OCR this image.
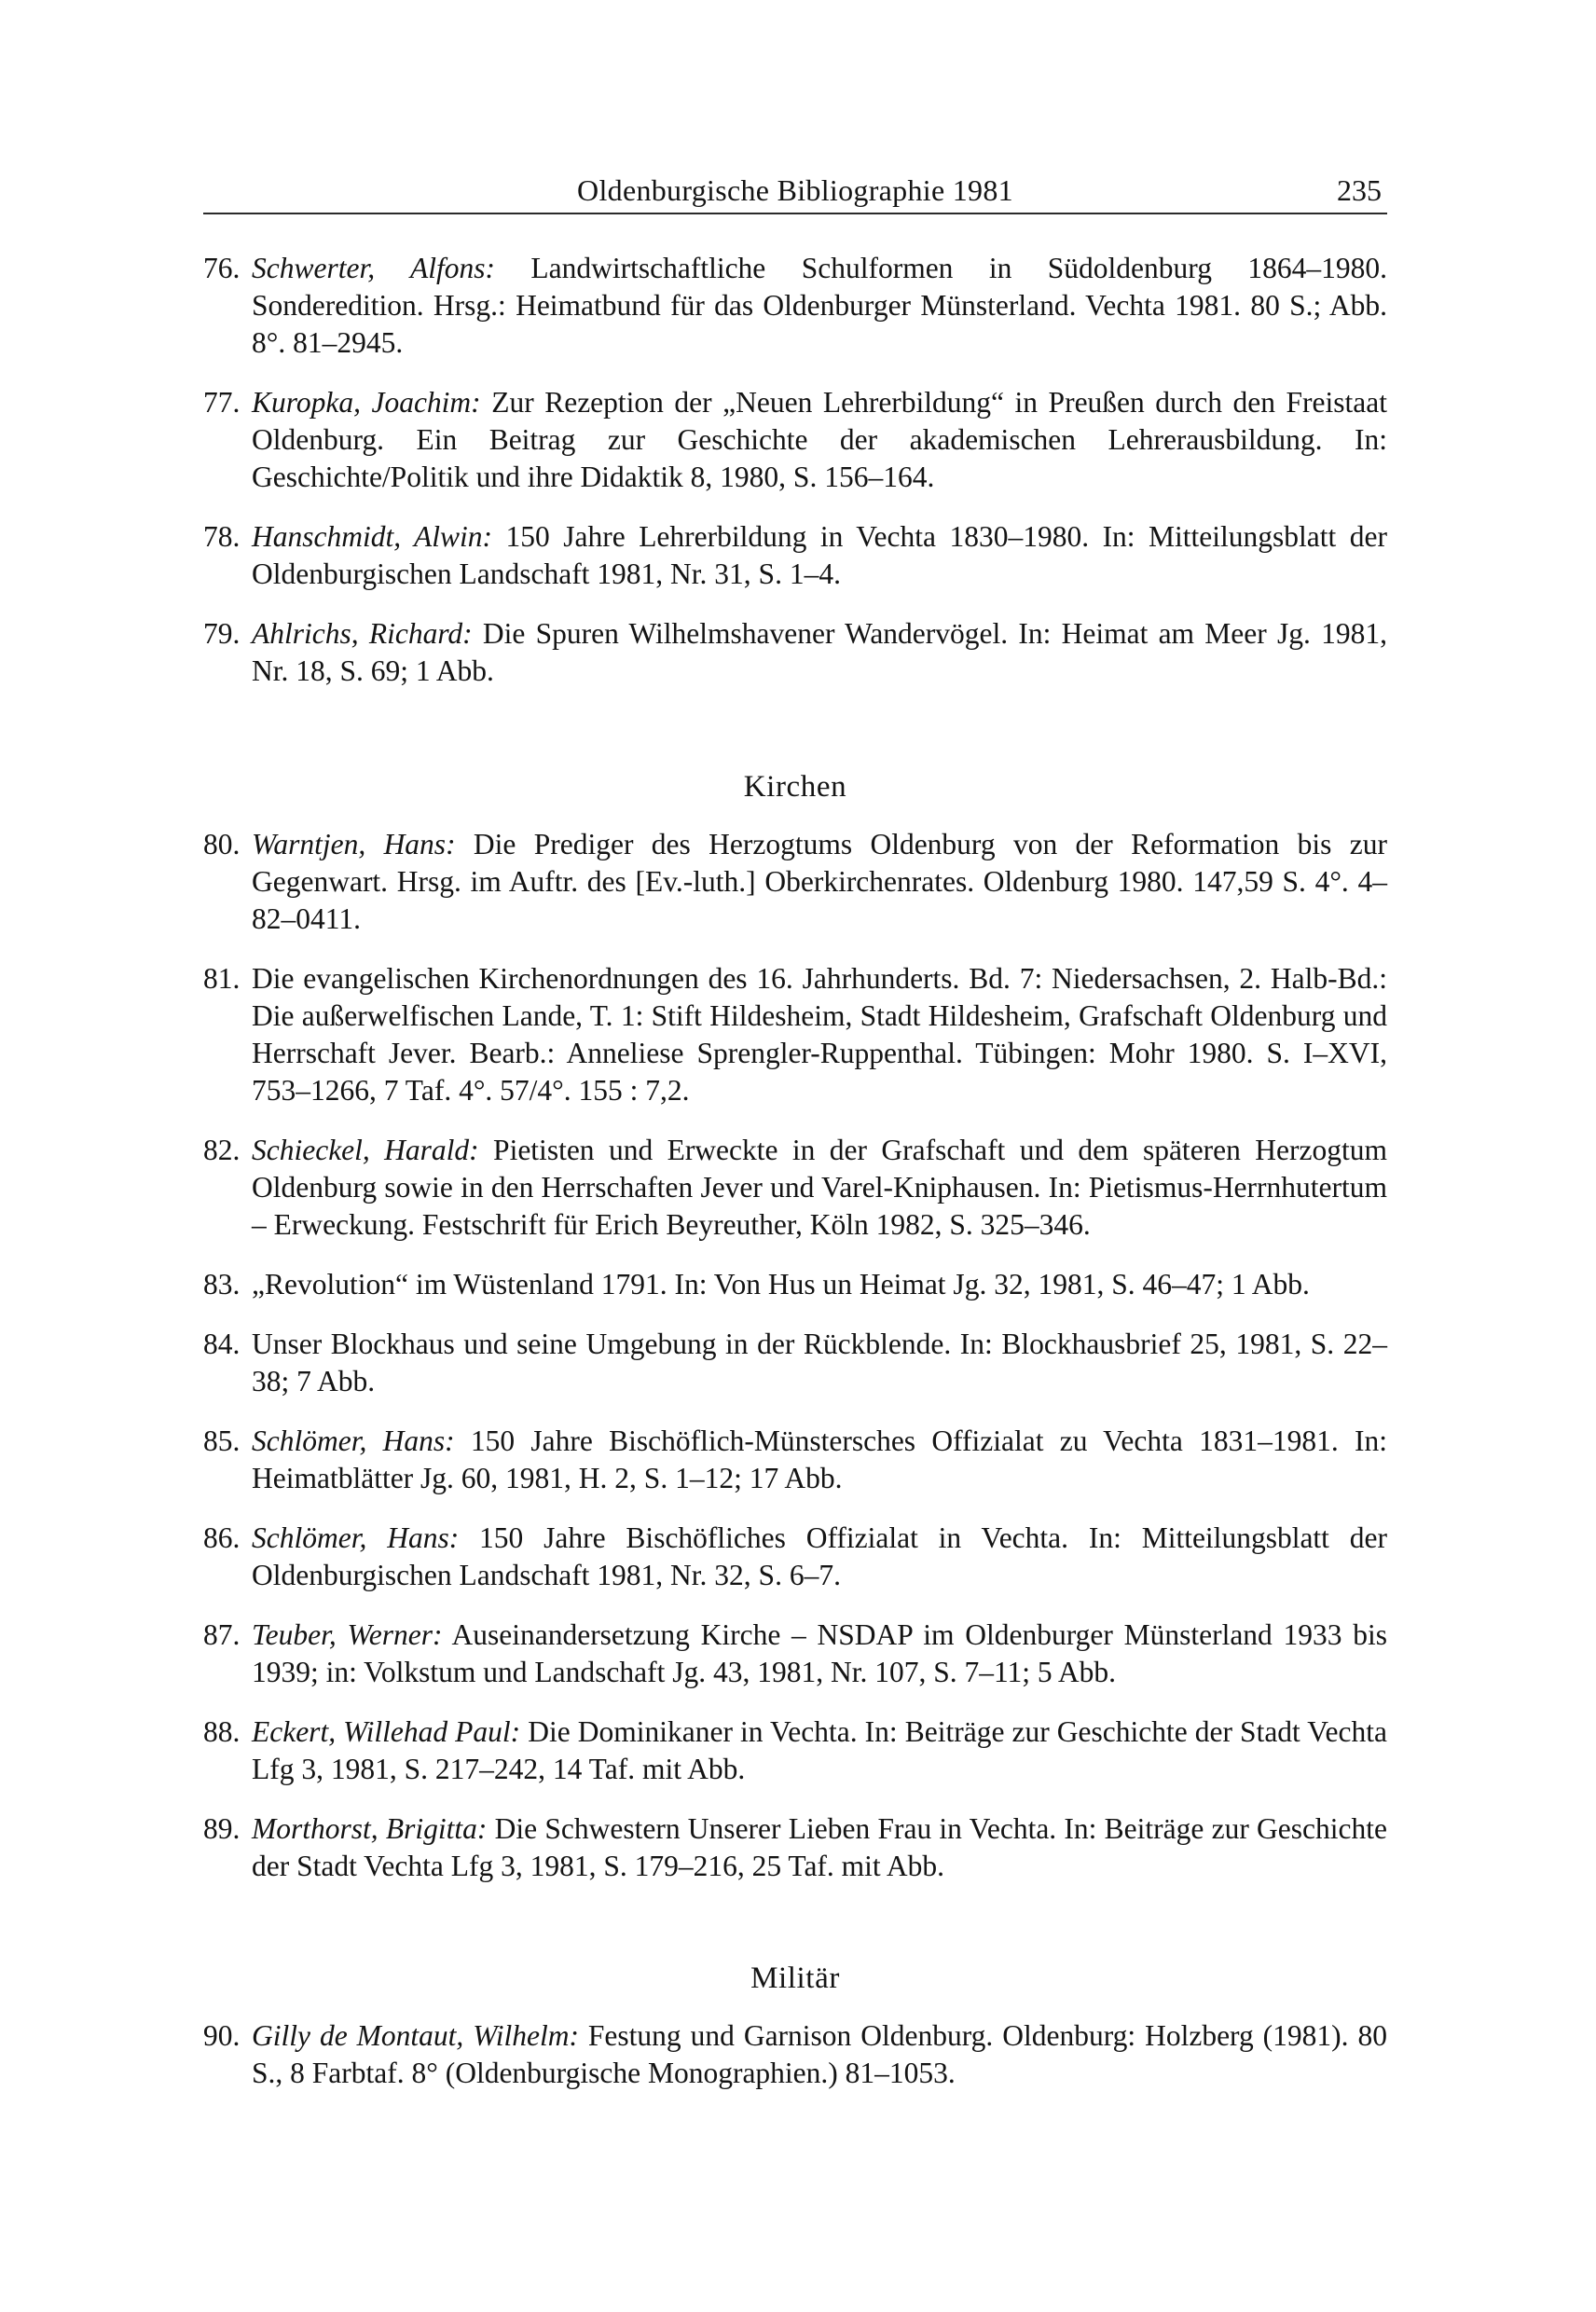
Oldenburgische Bibliographie 1981	235
76. Schwerter, Alfons: Landwirtschaftliche Schulformen in Südoldenburg 1864–1980. Sonderedition. Hrsg.: Heimatbund für das Oldenburger Münsterland. Vechta 1981. 80 S.; Abb. 8°. 81–2945.
77. Kuropka, Joachim: Zur Rezeption der „Neuen Lehrerbildung“ in Preußen durch den Freistaat Oldenburg. Ein Beitrag zur Geschichte der akademischen Lehrerausbildung. In: Geschichte/Politik und ihre Didaktik 8, 1980, S. 156–164.
78. Hanschmidt, Alwin: 150 Jahre Lehrerbildung in Vechta 1830–1980. In: Mitteilungsblatt der Oldenburgischen Landschaft 1981, Nr. 31, S. 1–4.
79. Ahlrichs, Richard: Die Spuren Wilhelmshavener Wandervögel. In: Heimat am Meer Jg. 1981, Nr. 18, S. 69; 1 Abb.
Kirchen
80. Warntjen, Hans: Die Prediger des Herzogtums Oldenburg von der Reformation bis zur Gegenwart. Hrsg. im Auftr. des [Ev.-luth.] Oberkirchenrates. Oldenburg 1980. 147,59 S. 4°. 4–82–0411.
81. Die evangelischen Kirchenordnungen des 16. Jahrhunderts. Bd. 7: Niedersachsen, 2. Halb-Bd.: Die außerwelfischen Lande, T. 1: Stift Hildesheim, Stadt Hildesheim, Grafschaft Oldenburg und Herrschaft Jever. Bearb.: Anneliese Sprengler-Ruppenthal. Tübingen: Mohr 1980. S. I–XVI, 753–1266, 7 Taf. 4°. 57/4°. 155 : 7,2.
82. Schieckel, Harald: Pietisten und Erweckte in der Grafschaft und dem späteren Herzogtum Oldenburg sowie in den Herrschaften Jever und Varel-Kniphausen. In: Pietismus-Herrnhutertum – Erweckung. Festschrift für Erich Beyreuther, Köln 1982, S. 325–346.
83. „Revolution“ im Wüstenland 1791. In: Von Hus un Heimat Jg. 32, 1981, S. 46–47; 1 Abb.
84. Unser Blockhaus und seine Umgebung in der Rückblende. In: Blockhausbrief 25, 1981, S. 22–38; 7 Abb.
85. Schlömer, Hans: 150 Jahre Bischöflich-Münstersches Offizialat zu Vechta 1831–1981. In: Heimatblätter Jg. 60, 1981, H. 2, S. 1–12; 17 Abb.
86. Schlömer, Hans: 150 Jahre Bischöfliches Offizialat in Vechta. In: Mitteilungsblatt der Oldenburgischen Landschaft 1981, Nr. 32, S. 6–7.
87. Teuber, Werner: Auseinandersetzung Kirche – NSDAP im Oldenburger Münsterland 1933 bis 1939; in: Volkstum und Landschaft Jg. 43, 1981, Nr. 107, S. 7–11; 5 Abb.
88. Eckert, Willehad Paul: Die Dominikaner in Vechta. In: Beiträge zur Geschichte der Stadt Vechta Lfg 3, 1981, S. 217–242, 14 Taf. mit Abb.
89. Morthorst, Brigitta: Die Schwestern Unserer Lieben Frau in Vechta. In: Beiträge zur Geschichte der Stadt Vechta Lfg 3, 1981, S. 179–216, 25 Taf. mit Abb.
Militär
90. Gilly de Montaut, Wilhelm: Festung und Garnison Oldenburg. Oldenburg: Holzberg (1981). 80 S., 8 Farbtaf. 8° (Oldenburgische Monographien.) 81–1053.
